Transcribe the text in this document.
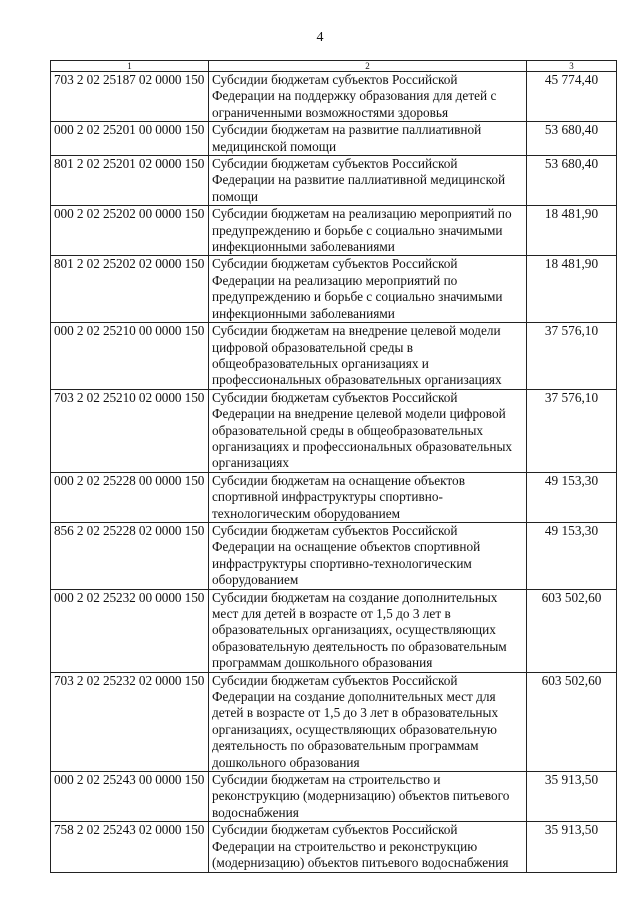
4
1	2	3
703 2 02 25187 02 0000 150	Субсидии бюджетам субъектов Российской Федерации на поддержку образования для детей с ограниченными возможностями здоровья	45 774,40
000 2 02 25201 00 0000 150	Субсидии бюджетам на развитие паллиативной медицинской помощи	53 680,40
801 2 02 25201 02 0000 150	Субсидии бюджетам субъектов Российской Федерации на развитие паллиативной медицинской помощи	53 680,40
000 2 02 25202 00 0000 150	Субсидии бюджетам на реализацию мероприятий по предупреждению и борьбе с социально значимыми инфекционными заболеваниями	18 481,90
801 2 02 25202 02 0000 150	Субсидии бюджетам субъектов Российской Федерации на реализацию мероприятий по предупреждению и борьбе с социально значимыми инфекционными заболеваниями	18 481,90
000 2 02 25210 00 0000 150	Субсидии бюджетам на внедрение целевой модели цифровой образовательной среды в общеобразовательных организациях и профессиональных образовательных организациях	37 576,10
703 2 02 25210 02 0000 150	Субсидии бюджетам субъектов Российской Федерации на внедрение целевой модели цифровой образовательной среды в общеобразовательных организациях и профессиональных образовательных организациях	37 576,10
000 2 02 25228 00 0000 150	Субсидии бюджетам на оснащение объектов спортивной инфраструктуры спортивно-технологическим оборудованием	49 153,30
856 2 02 25228 02 0000 150	Субсидии бюджетам субъектов Российской Федерации на оснащение объектов спортивной инфраструктуры спортивно-технологическим оборудованием	49 153,30
000 2 02 25232 00 0000 150	Субсидии бюджетам на создание дополнительных мест для детей в возрасте от 1,5 до 3 лет в образовательных организациях, осуществляющих образовательную деятельность по образовательным программам дошкольного образования	603 502,60
703 2 02 25232 02 0000 150	Субсидии бюджетам субъектов Российской Федерации на создание дополнительных мест для детей в возрасте от 1,5 до 3 лет в образовательных организациях, осуществляющих образовательную деятельность по образовательным программам дошкольного образования	603 502,60
000 2 02 25243 00 0000 150	Субсидии бюджетам на строительство и реконструкцию (модернизацию) объектов питьевого водоснабжения	35 913,50
758 2 02 25243 02 0000 150	Субсидии бюджетам субъектов Российской Федерации на строительство и реконструкцию (модернизацию) объектов питьевого водоснабжения	35 913,50
